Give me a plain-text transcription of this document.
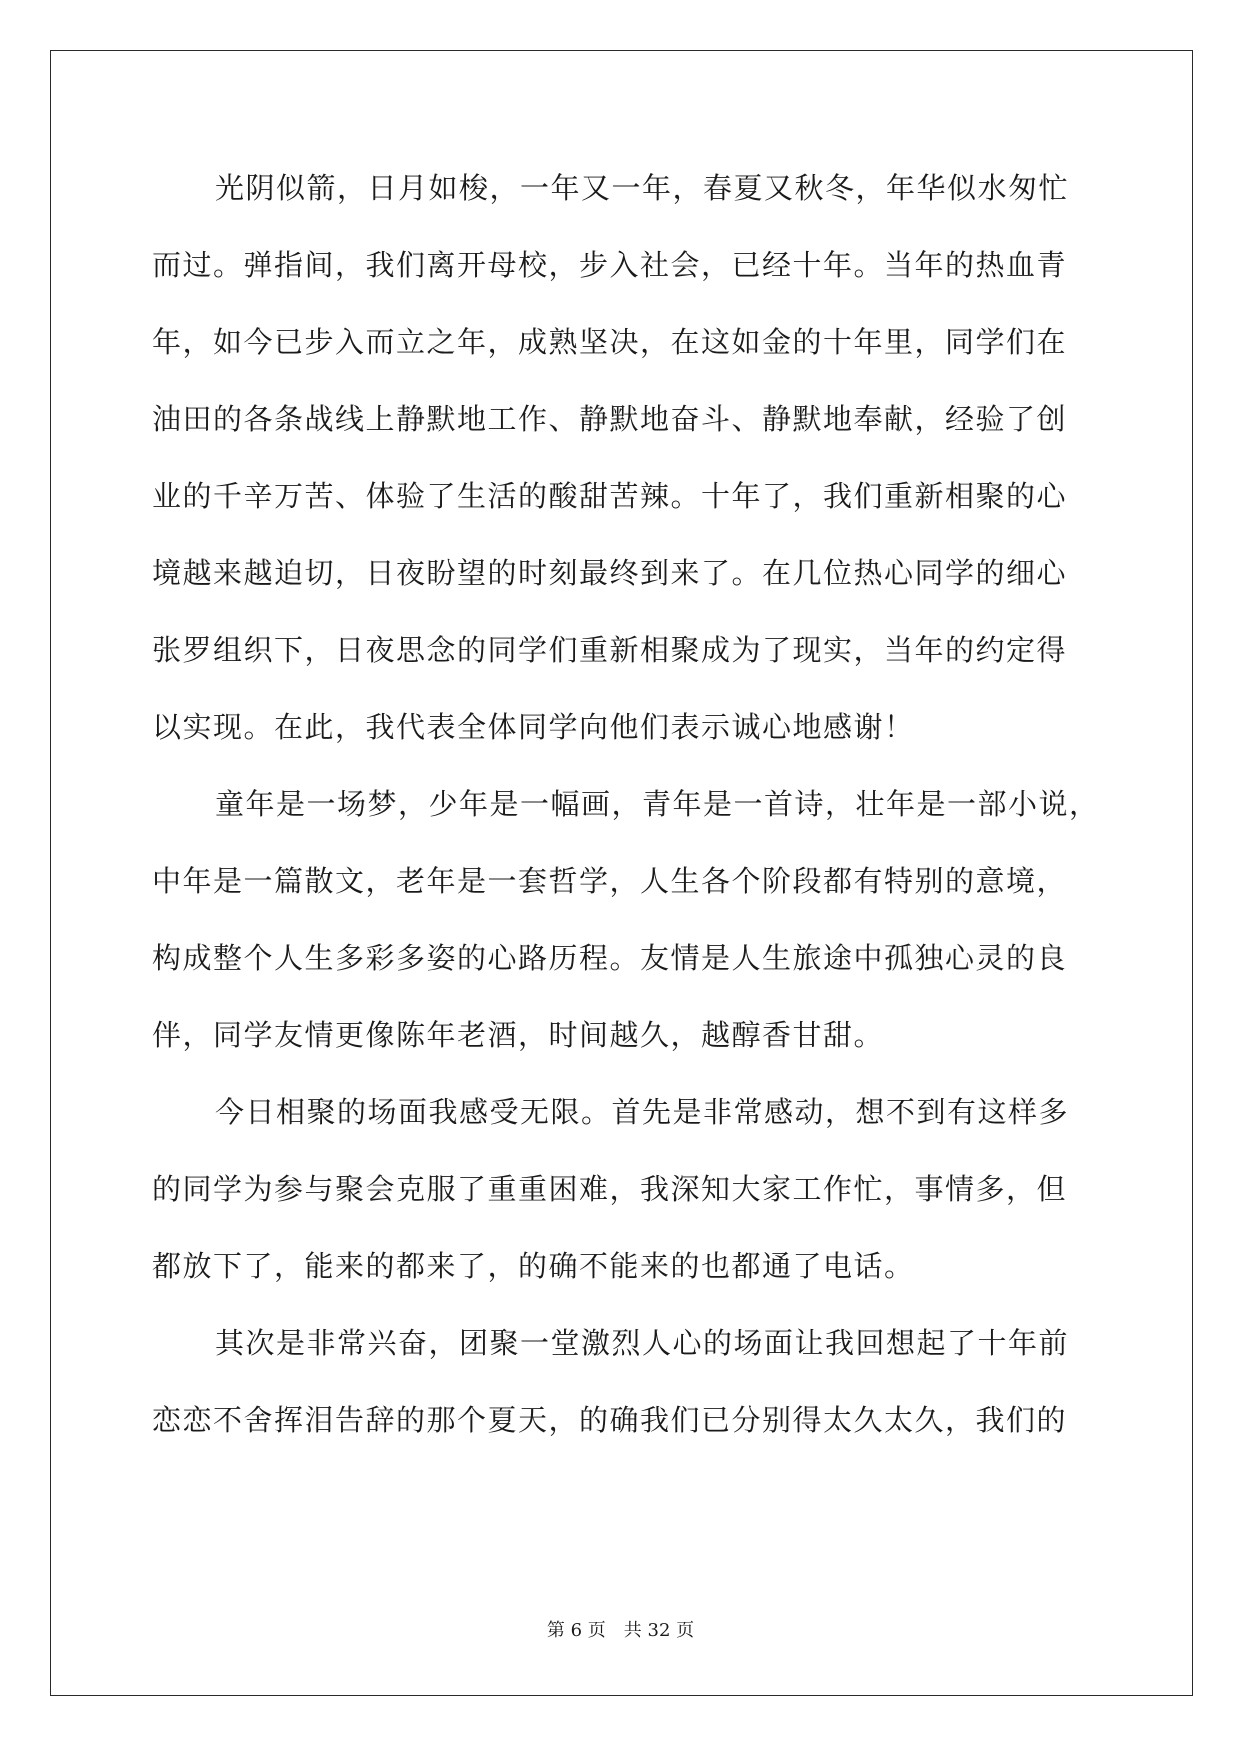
光阴似箭，日月如梭，一年又一年，春夏又秋冬，年华似水匆忙
而过。弹指间，我们离开母校，步入社会，已经十年。当年的热血青
年，如今已步入而立之年，成熟坚决，在这如金的十年里，同学们在
油田的各条战线上静默地工作、静默地奋斗、静默地奉献，经验了创
业的千辛万苦、体验了生活的酸甜苦辣。十年了，我们重新相聚的心
境越来越迫切，日夜盼望的时刻最终到来了。在几位热心同学的细心
张罗组织下，日夜思念的同学们重新相聚成为了现实，当年的约定得
以实现。在此，我代表全体同学向他们表示诚心地感谢！
童年是一场梦，少年是一幅画，青年是一首诗，壮年是一部小说，
中年是一篇散文，老年是一套哲学，人生各个阶段都有特别的意境，
构成整个人生多彩多姿的心路历程。友情是人生旅途中孤独心灵的良
伴，同学友情更像陈年老酒，时间越久，越醇香甘甜。
今日相聚的场面我感受无限。首先是非常感动，想不到有这样多
的同学为参与聚会克服了重重困难，我深知大家工作忙，事情多，但
都放下了，能来的都来了，的确不能来的也都通了电话。
其次是非常兴奋，团聚一堂激烈人心的场面让我回想起了十年前
恋恋不舍挥泪告辞的那个夏天，的确我们已分别得太久太久，我们的
第 6 页 共 32 页
